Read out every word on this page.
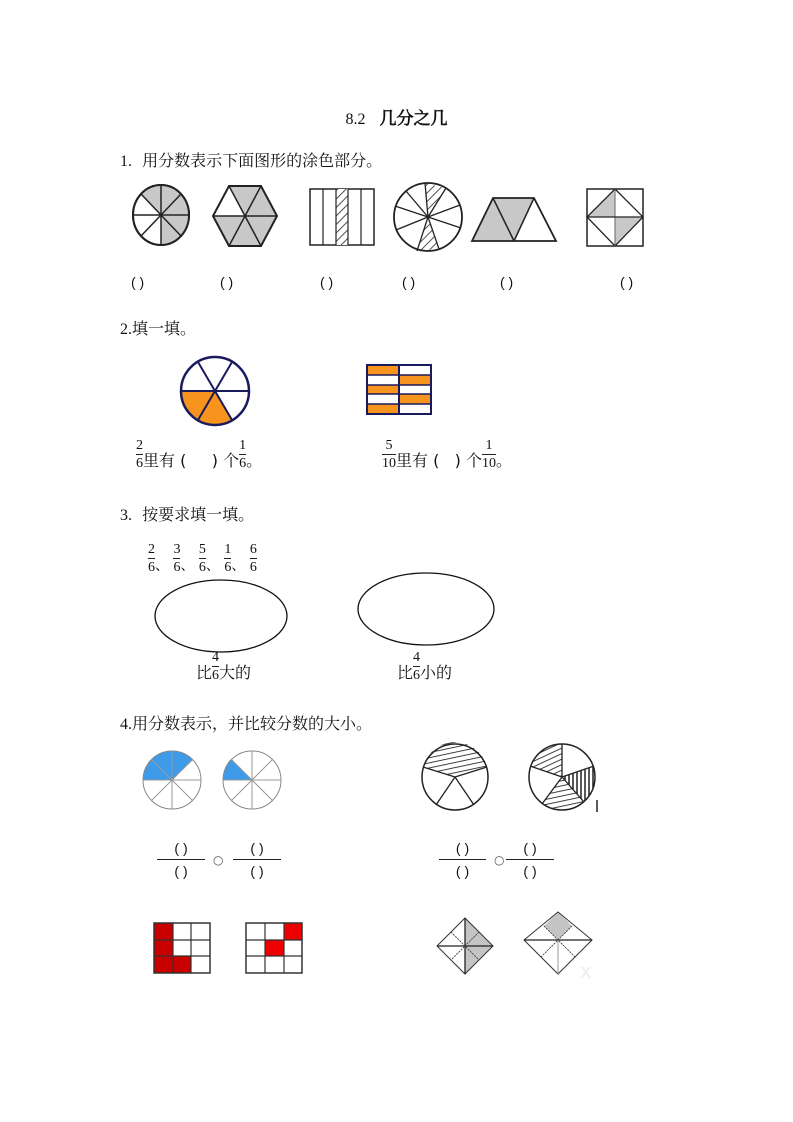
8.2 几分之几
1. 用分数表示下面图形的涂色部分。
x
( )	( )	( )	( )	( )	( )
2.填一填。
$\frac{2}{6}$ 里有 (     ) 个 $\frac{1}{6}$ 。	$\frac{5}{10}$ 里有 (   ) 个 $\frac{1}{10}$ 。
3. 按要求填一填。
$\frac{2}{6}$ 、 $\frac{3}{6}$ 、 $\frac{5}{6}$ 、 $\frac{1}{6}$ 、 $\frac{6}{6}$
比 $\frac{4}{6}$ 大的	比 $\frac{4}{6}$ 小的
4.用分数表示，并比较分数的大小。
( )
( )
○
( )
( )
( )
( )
○
( )
( )
